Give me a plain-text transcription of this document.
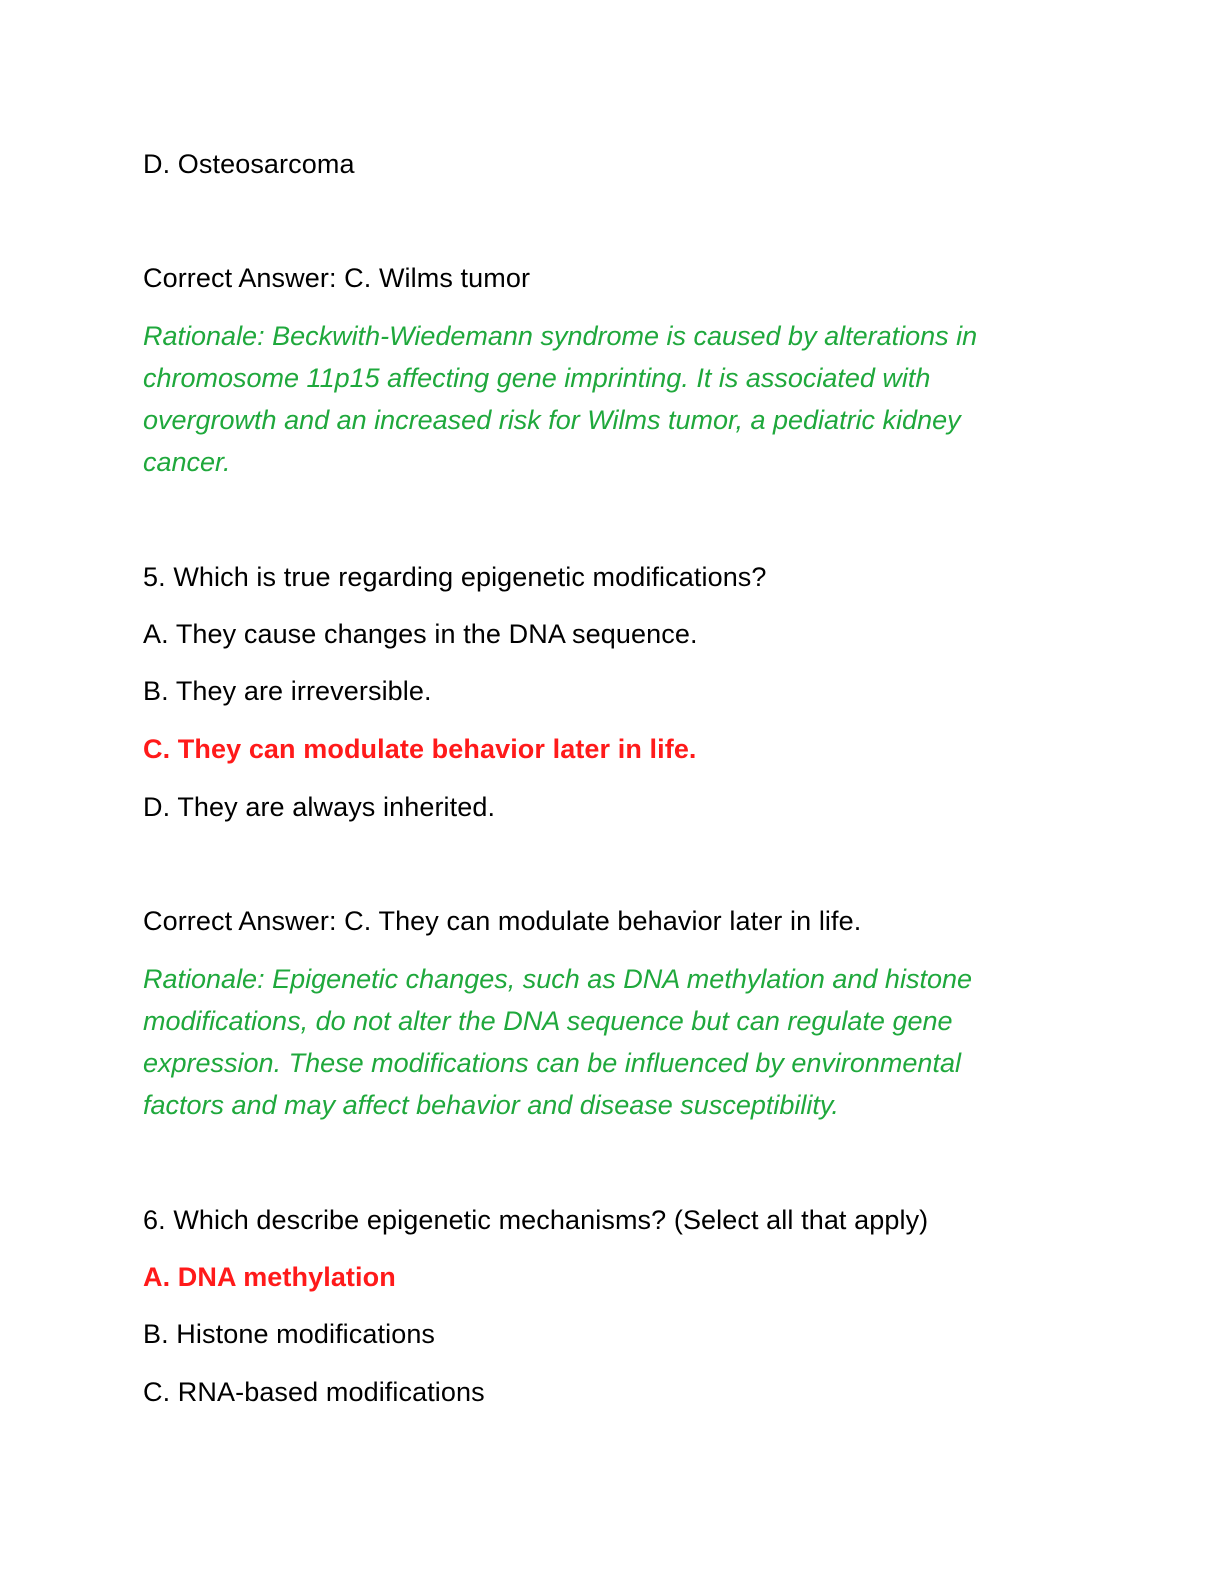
D. Osteosarcoma
Correct Answer: C. Wilms tumor
Rationale: Beckwith-Wiedemann syndrome is caused by alterations in
chromosome 11p15 affecting gene imprinting. It is associated with
overgrowth and an increased risk for Wilms tumor, a pediatric kidney
cancer.
5. Which is true regarding epigenetic modifications?
A. They cause changes in the DNA sequence.
B. They are irreversible.
C. They can modulate behavior later in life.
D. They are always inherited.
Correct Answer: C. They can modulate behavior later in life.
Rationale: Epigenetic changes, such as DNA methylation and histone
modifications, do not alter the DNA sequence but can regulate gene
expression. These modifications can be influenced by environmental
factors and may affect behavior and disease susceptibility.
6. Which describe epigenetic mechanisms? (Select all that apply)
A. DNA methylation
B. Histone modifications
C. RNA-based modifications
